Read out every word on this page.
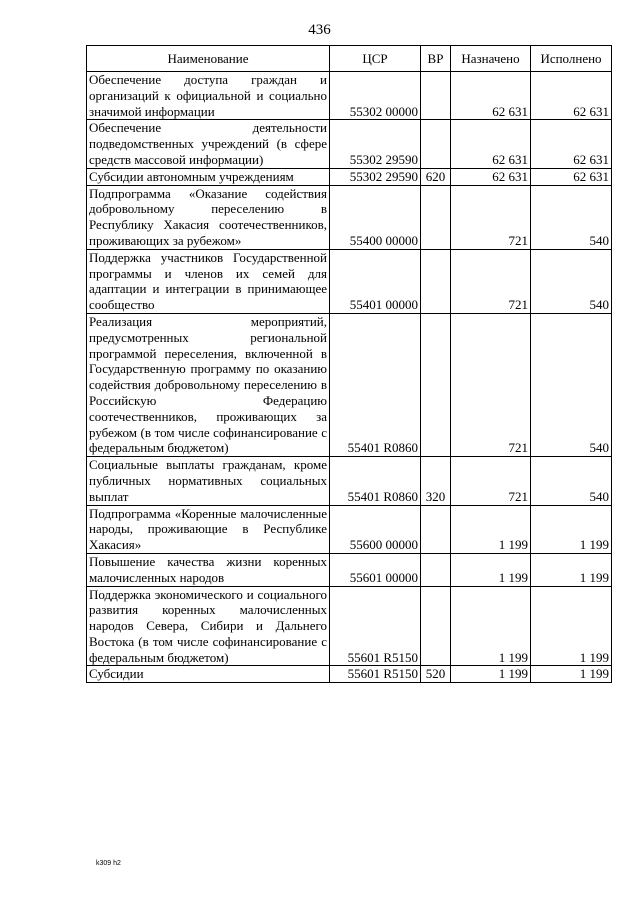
436
Наименование	ЦСР	ВР	Назначено	Исполнено
Обеспечение доступа граждан и организаций к официальной и социально значимой информации	55302 00000		62 631	62 631
Обеспечение деятельности подведомственных учреждений (в сфере средств массовой информации)	55302 29590		62 631	62 631
Субсидии автономным учреждениям	55302 29590	620	62 631	62 631
Подпрограмма «Оказание содействия добровольному переселению в Республику Хакасия соотечественников, проживающих за рубежом»	55400 00000		721	540
Поддержка участников Государственной программы и членов их семей для адаптации и интеграции в принимающее сообщество	55401 00000		721	540
Реализация мероприятий, предусмотренных региональной программой переселения, включенной в Государственную программу по оказанию содействия добровольному переселению в Российскую Федерацию соотечественников, проживающих за рубежом (в том числе софинансирование с федеральным бюджетом)	55401 R0860		721	540
Социальные выплаты гражданам, кроме публичных нормативных социальных выплат	55401 R0860	320	721	540
Подпрограмма «Коренные малочисленные народы, проживающие в Республике Хакасия»	55600 00000		1 199	1 199
Повышение качества жизни коренных малочисленных народов	55601 00000		1 199	1 199
Поддержка экономического и социального развития коренных малочисленных народов Севера, Сибири и Дальнего Востока (в том числе софинансирование с федеральным бюджетом)	55601 R5150		1 199	1 199
Субсидии	55601 R5150	520	1 199	1 199
k309 h2
